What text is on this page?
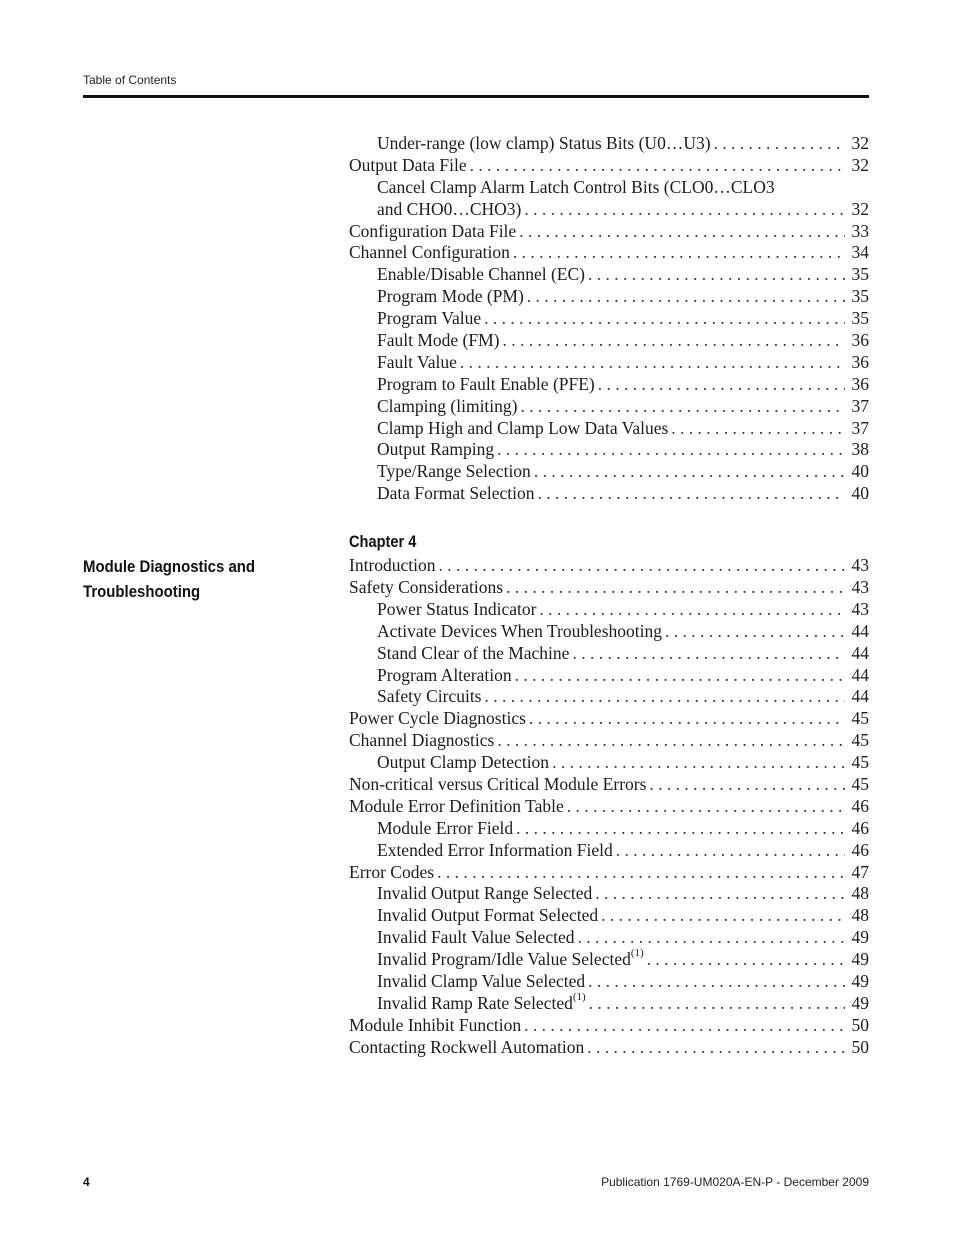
Table of Contents
Module Diagnostics and Troubleshooting
Under-range (low clamp) Status Bits (U0…U3) . . .	32
Output Data File . . .	32
Cancel Clamp Alarm Latch Control Bits (CLO0…CLO3
and CHO0…CHO3) . . .	32
Configuration Data File . . .	33
Channel Configuration . . .	34
Enable/Disable Channel (EC) . . .	35
Program Mode (PM) . . .	35
Program Value . . .	35
Fault Mode (FM) . . .	36
Fault Value . . .	36
Program to Fault Enable (PFE) . . .	36
Clamping (limiting) . . .	37
Clamp High and Clamp Low Data Values . . .	37
Output Ramping . . .	38
Type/Range Selection . . .	40
Data Format Selection . . .	40
Chapter 4
Introduction . . .	43
Safety Considerations . . .	43
Power Status Indicator . . .	43
Activate Devices When Troubleshooting . . .	44
Stand Clear of the Machine . . .	44
Program Alteration . . .	44
Safety Circuits . . .	44
Power Cycle Diagnostics . . .	45
Channel Diagnostics . . .	45
Output Clamp Detection . . .	45
Non-critical versus Critical Module Errors . . .	45
Module Error Definition Table . . .	46
Module Error Field . . .	46
Extended Error Information Field . . .	46
Error Codes . . .	47
Invalid Output Range Selected . . .	48
Invalid Output Format Selected . . .	48
Invalid Fault Value Selected . . .	49
Invalid Program/Idle Value Selected$^{(1)}$ . . .	49
Invalid Clamp Value Selected . . .	49
Invalid Ramp Rate Selected$^{(1)}$ . . .	49
Module Inhibit Function . . .	50
Contacting Rockwell Automation . . .	50
4	Publication 1769-UM020A-EN-P - December 2009
